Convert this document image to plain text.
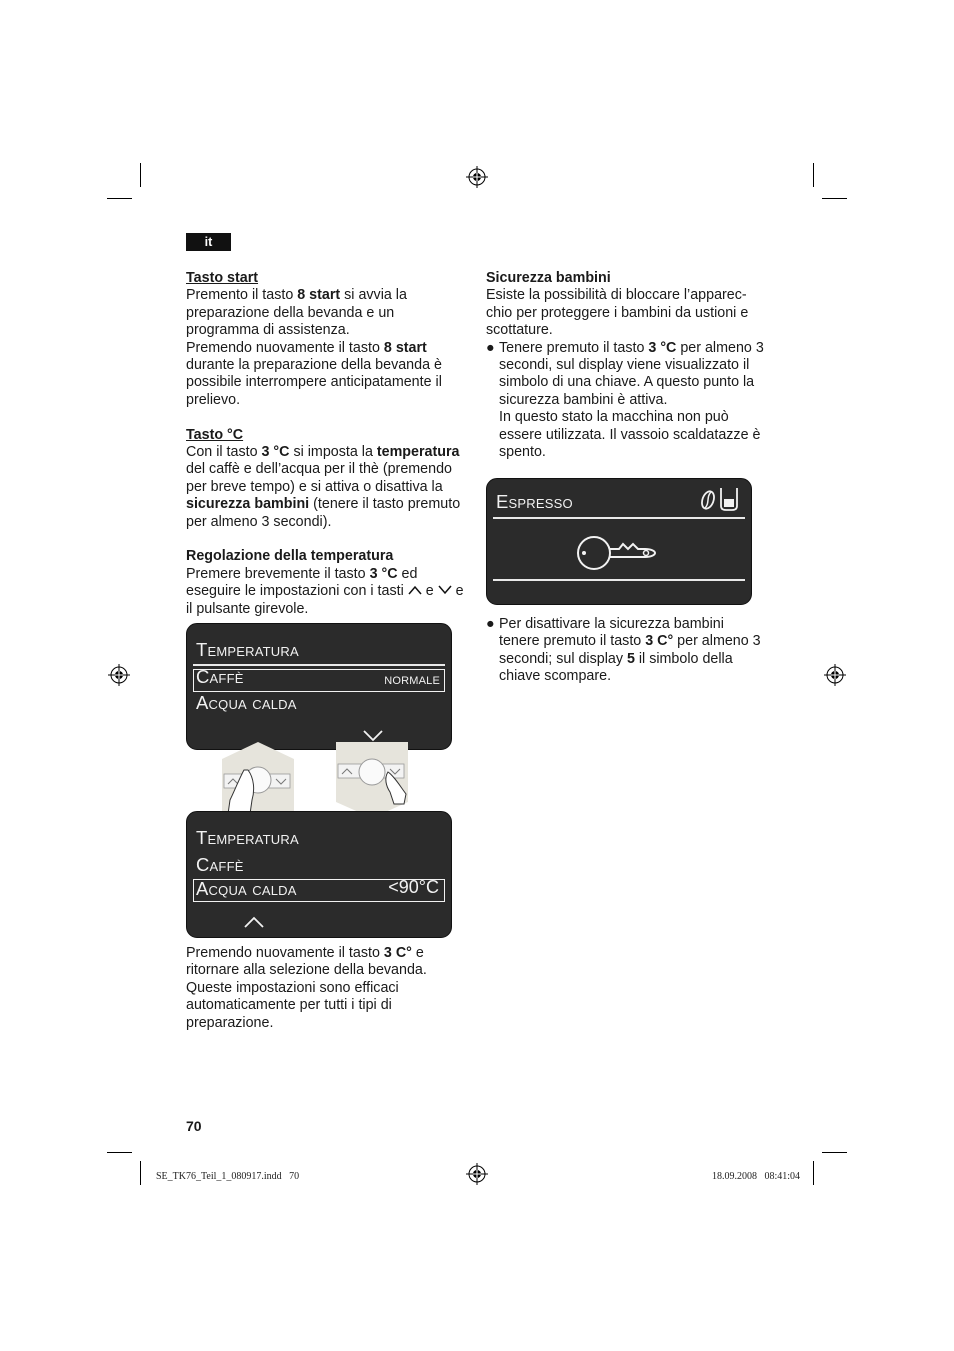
it

Tasto start

Premento il tasto 8 start si avvia la preparazione della bevanda e un programma di assistenza.

Premendo nuovamente il tasto 8 start durante la preparazione della bevanda è possibile interrompere anticipatamente il prelievo.

Tasto °C

Con il tasto 3 °C si imposta la temperatura del caffè e dell’acqua per il thè (premendo per breve tempo) e si attiva o disattiva la sicurezza bambini (tenere il tasto premuto per almeno 3 secondi).

Regolazione della temperatura

Premere brevemente il tasto 3 °C ed eseguire le impostazioni con i tasti  e  e il pulsante girevole.

Temperatura
Caffè	normale
Acqua calda
Temperatura
Caffè
Acqua calda	<90°C

Premendo nuovamente il tasto 3 C° e ritornare alla selezione della bevanda. Queste impostazioni sono efficaci automaticamente per tutti i tipi di preparazione.

Sicurezza bambini

Esiste la possibilità di bloccare l’apparec-chio per proteggere i bambini da ustioni e scottature.

● Tenere premuto il tasto 3 °C per almeno 3 secondi, sul display viene visualizzato il simbolo di una chiave. A questo punto la sicurezza bambini è attiva.

In questo stato la macchina non può essere utilizzata. Il vassoio scaldatazze è spento.

Espresso
● Per disattivare la sicurezza bambini tenere premuto il tasto 3 C° per almeno 3 secondi; sul display 5 il simbolo della chiave scompare.

70
SE_TK76_Teil_1_080917.indd   70	18.09.2008   08:41:04
